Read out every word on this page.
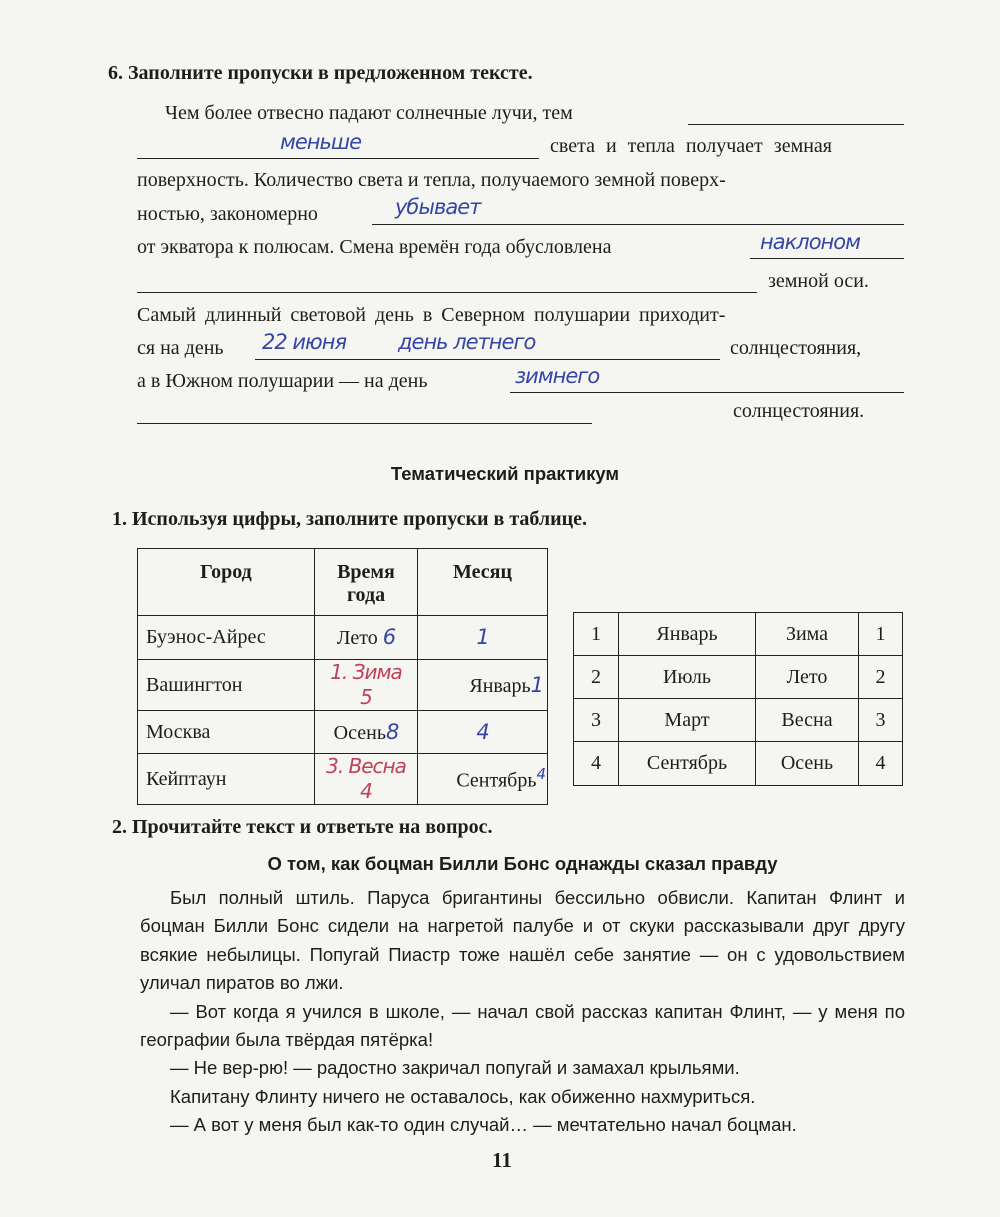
6. Заполните пропуски в предложенном тексте.
Чем более отвесно падают солнечные лучи, тем
меньше	света и тепла получает земная
поверхность. Количество света и тепла, получаемого земной поверх-
ностью, закономерно	убывает
от экватора к полюсам. Смена времён года обусловлена	наклоном
земной оси.
Самый длинный световой день в Северном полушарии приходит-
ся на день 22 июня день летнего	солнцестояния,
а в Южном полушарии — на день	зимнего
солнцестояния.
Тематический практикум
1. Используя цифры, заполните пропуски в таблице.
Город	Время года	Месяц
Буэнос-Айрес	Лето 6	1
Вашингтон	1. Зима 5	Январь1
Москва	Осень8	4
Кейптаун	3. Весна 4	Сентябрь$^4$
1	Январь	Зима	1
2	Июль	Лето	2
3	Март	Весна	3
4	Сентябрь	Осень	4
2. Прочитайте текст и ответьте на вопрос.
О том, как боцман Билли Бонс однажды сказал правду

Был полный штиль. Паруса бригантины бессильно обвисли. Капитан Флинт и боцман Билли Бонс сидели на нагретой палубе и от скуки рассказывали друг другу всякие небылицы. Попугай Пиастр тоже нашёл себе занятие — он с удовольствием уличал пиратов во лжи.

— Вот когда я учился в школе, — начал свой рассказ капитан Флинт, — у меня по географии была твёрдая пятёрка!

— Не вер-рю! — радостно закричал попугай и замахал крыльями.

Капитану Флинту ничего не оставалось, как обиженно нахмуриться.

— А вот у меня был как-то один случай… — мечтательно начал боцман.

11
